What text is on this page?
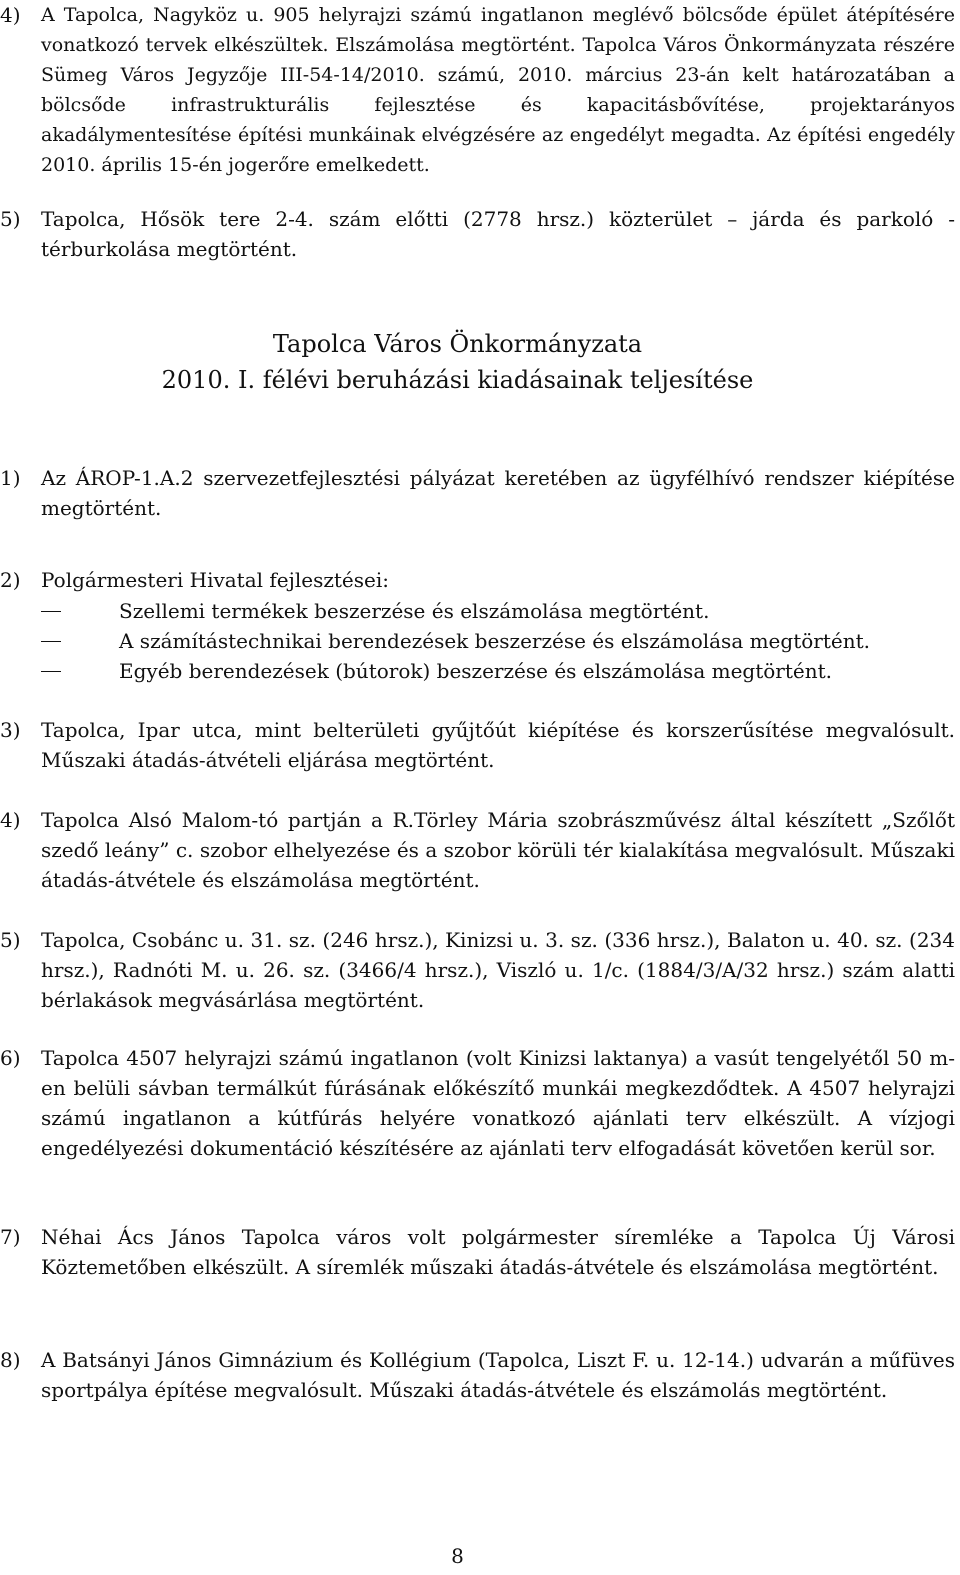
4) A Tapolca, Nagyköz u. 905 helyrajzi számú ingatlanon meglévő bölcsőde épület átépítésére vonatkozó tervek elkészültek. Elszámolása megtörtént. Tapolca Város Önkormányzata részére Sümeg Város Jegyzője III-54-14/2010. számú, 2010. március 23-án kelt határozatában a bölcsőde infrastrukturális fejlesztése és kapacitásbővítése, projektarányos akadálymentesítése építési munkáinak elvégzésére az engedélyt megadta. Az építési engedély 2010. április 15-én jogerőre emelkedett.
5) Tapolca, Hősök tere 2-4. szám előtti (2778 hrsz.) közterület – járda és parkoló - térburkolása megtörtént.
Tapolca Város Önkormányzata
2010. I. félévi beruházási kiadásainak teljesítése
1) Az ÁROP-1.A.2 szervezetfejlesztési pályázat keretében az ügyfélhívó rendszer kiépítése megtörtént.
2) Polgármesteri Hivatal fejlesztései:
Szellemi termékek beszerzése és elszámolása megtörtént.
A számítástechnikai berendezések beszerzése és elszámolása megtörtént.
Egyéb berendezések (bútorok) beszerzése és elszámolása megtörtént.
3) Tapolca, Ipar utca, mint belterületi gyűjtőút kiépítése és korszerűsítése megvalósult. Műszaki átadás-átvételi eljárása megtörtént.
4) Tapolca Alsó Malom-tó partján a R.Törley Mária szobrászművész által készített „Szőlőt szedő leány” c. szobor elhelyezése és a szobor körüli tér kialakítása megvalósult. Műszaki átadás-átvétele és elszámolása megtörtént.
5) Tapolca, Csobánc u. 31. sz. (246 hrsz.), Kinizsi u. 3. sz. (336 hrsz.), Balaton u. 40. sz. (234 hrsz.), Radnóti M. u. 26. sz. (3466/4 hrsz.), Viszló u. 1/c. (1884/3/A/32 hrsz.) szám alatti bérlakások megvásárlása megtörtént.
6) Tapolca 4507 helyrajzi számú ingatlanon (volt Kinizsi laktanya) a vasút tengelyétől 50 m-en belüli sávban termálkút fúrásának előkészítő munkái megkezdődtek. A 4507 helyrajzi számú ingatlanon a kútfúrás helyére vonatkozó ajánlati terv elkészült. A vízjogi engedélyezési dokumentáció készítésére az ajánlati terv elfogadását követően kerül sor.
7) Néhai Ács János Tapolca város volt polgármester síremléke a Tapolca Új Városi Köztemetőben elkészült. A síremlék műszaki átadás-átvétele és elszámolása megtörtént.
8) A Batsányi János Gimnázium és Kollégium (Tapolca, Liszt F. u. 12-14.) udvarán a műfüves sportpálya építése megvalósult. Műszaki átadás-átvétele és elszámolás megtörtént.
8
